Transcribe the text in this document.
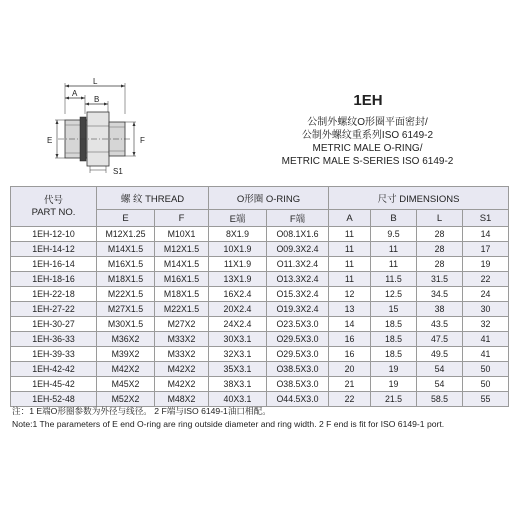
L
A
B
E	F
S1
1EH
公制外螺纹O形圈平面密封/
公制外螺纹重系列ISO 6149-2
METRIC MALE O-RING/
METRIC MALE S-SERIES ISO 6149-2
代号
PART NO.	螺 纹 THREAD		O形圈 O-RING		尺寸 DIMENSIONS			
	E	F	E端	F端	A	B	L	S1
1EH-12-10	M12X1.25	M10X1	8X1.9	O08.1X1.6	11	9.5	28	14
1EH-14-12	M14X1.5	M12X1.5	10X1.9	O09.3X2.4	11	11	28	17
1EH-16-14	M16X1.5	M14X1.5	11X1.9	O11.3X2.4	11	11	28	19
1EH-18-16	M18X1.5	M16X1.5	13X1.9	O13.3X2.4	11	11.5	31.5	22
1EH-22-18	M22X1.5	M18X1.5	16X2.4	O15.3X2.4	12	12.5	34.5	24
1EH-27-22	M27X1.5	M22X1.5	20X2.4	O19.3X2.4	13	15	38	30
1EH-30-27	M30X1.5	M27X2	24X2.4	O23.5X3.0	14	18.5	43.5	32
1EH-36-33	M36X2	M33X2	30X3.1	O29.5X3.0	16	18.5	47.5	41
1EH-39-33	M39X2	M33X2	32X3.1	O29.5X3.0	16	18.5	49.5	41
1EH-42-42	M42X2	M42X2	35X3.1	O38.5X3.0	20	19	54	50
1EH-45-42	M45X2	M42X2	38X3.1	O38.5X3.0	21	19	54	50
1EH-52-48	M52X2	M48X2	40X3.1	O44.5X3.0	22	21.5	58.5	55
注：1 E端O形圈参数为外径与线径。 2 F端与ISO 6149-1油口相配。
Note:1 The parameters of E end O-ring are ring outside diameter and ring width. 2 F end is fit for ISO 6149-1 port.
